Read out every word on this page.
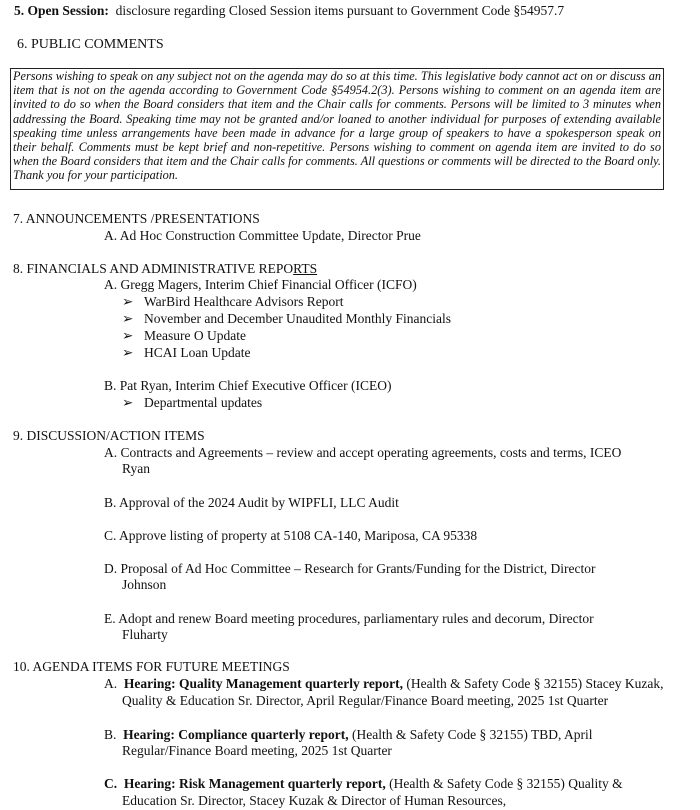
5. Open Session: disclosure regarding Closed Session items pursuant to Government Code §54957.7
6. PUBLIC COMMENTS
Persons wishing to speak on any subject not on the agenda may do so at this time. This legislative body cannot act on or discuss an item that is not on the agenda according to Government Code §54954.2(3). Persons wishing to comment on an agenda item are invited to do so when the Board considers that item and the Chair calls for comments. Persons will be limited to 3 minutes when addressing the Board. Speaking time may not be granted and/or loaned to another individual for purposes of extending available speaking time unless arrangements have been made in advance for a large group of speakers to have a spokesperson speak on their behalf. Comments must be kept brief and non-repetitive. Persons wishing to comment on agenda item are invited to do so when the Board considers that item and the Chair calls for comments. All questions or comments will be directed to the Board only. Thank you for your participation.
7. ANNOUNCEMENTS /PRESENTATIONS
A. Ad Hoc Construction Committee Update, Director Prue
8. FINANCIALS AND ADMINISTRATIVE REPORTS
A. Gregg Magers, Interim Chief Financial Officer (ICFO)
➢ WarBird Healthcare Advisors Report
➢ November and December Unaudited Monthly Financials
➢ Measure O Update
➢ HCAI Loan Update
B. Pat Ryan, Interim Chief Executive Officer (ICEO)
➢ Departmental updates
9. DISCUSSION/ACTION ITEMS
A. Contracts and Agreements – review and accept operating agreements, costs and terms, ICEO
Ryan
B. Approval of the 2024 Audit by WIPFLI, LLC Audit
C. Approve listing of property at 5108 CA-140, Mariposa, CA 95338
D. Proposal of Ad Hoc Committee – Research for Grants/Funding for the District, Director
Johnson
E. Adopt and renew Board meeting procedures, parliamentary rules and decorum, Director
Fluharty
10. AGENDA ITEMS FOR FUTURE MEETINGS
A. Hearing: Quality Management quarterly report, (Health & Safety Code § 32155) Stacey Kuzak,
Quality & Education Sr. Director, April Regular/Finance Board meeting, 2025 1st Quarter
B. Hearing: Compliance quarterly report, (Health & Safety Code § 32155) TBD, April
Regular/Finance Board meeting, 2025 1st Quarter
C. Hearing: Risk Management quarterly report, (Health & Safety Code § 32155) Quality &
Education Sr. Director, Stacey Kuzak & Director of Human Resources,
